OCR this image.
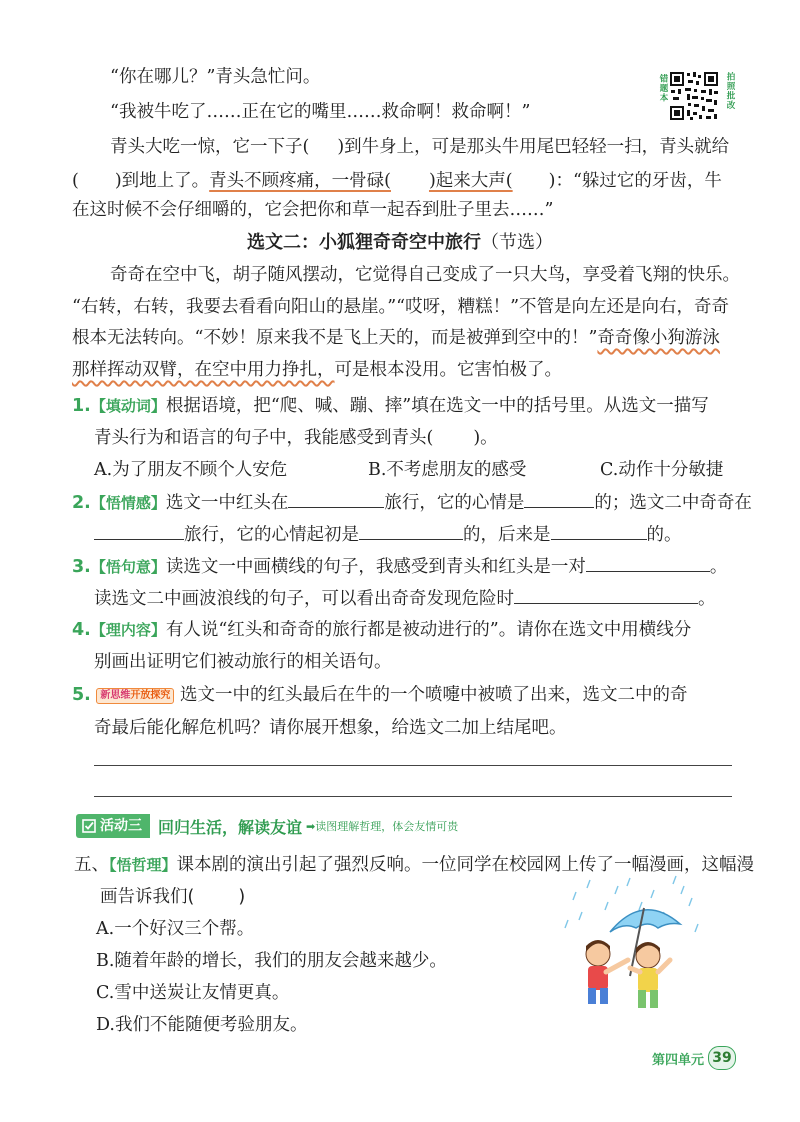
错题本	拍照批改
“你在哪儿？”青头急忙问。
“我被牛吃了……正在它的嘴里……救命啊！救命啊！”
青头大吃一惊，它一下子( )到牛身上，可是那头牛用尾巴轻轻一扫，青头就给
( )到地上了。青头不顾疼痛，一骨碌( )起来大声( )：“躲过它的牙齿，牛
在这时候不会仔细嚼的，它会把你和草一起吞到肚子里去……”
选文二：小狐狸奇奇空中旅行（节选）
奇奇在空中飞，胡子随风摆动，它觉得自己变成了一只大鸟，享受着飞翔的快乐。
“右转，右转，我要去看看向阳山的悬崖。”“哎呀，糟糕！”不管是向左还是向右，奇奇
根本无法转向。“不妙！原来我不是飞上天的，而是被弹到空中的！”奇奇像小狗游泳
那样挥动双臂，在空中用力挣扎，可是根本没用。它害怕极了。
1.【填动词】根据语境，把“爬、喊、蹦、摔”填在选文一中的括号里。从选文一描写
青头行为和语言的句子中，我能感受到青头( )。
A.为了朋友不顾个人安危	B.不考虑朋友的感受	C.动作十分敏捷
2.【悟情感】选文一中红头在	旅行，它的心情是	的；选文二中奇奇在
旅行，它的心情起初是	的，后来是	的。
3.【悟句意】读选文一中画横线的句子，我感受到青头和红头是一对	。
读选文二中画波浪线的句子，可以看出奇奇发现危险时	。
4.【理内容】有人说“红头和奇奇的旅行都是被动进行的”。请你在选文中用横线分
别画出证明它们被动旅行的相关语句。
5. 新思维开放探究 选文一中的红头最后在牛的一个喷嚏中被喷了出来，选文二中的奇
奇最后能化解危机吗？请你展开想象，给选文二加上结尾吧。
活动三 回归生活，解读友谊 ➡读图理解哲理，体会友情可贵
五、【悟哲理】课本剧的演出引起了强烈反响。一位同学在校园网上传了一幅漫画，这幅漫
画告诉我们(	)
A.一个好汉三个帮。
B.随着年龄的增长，我们的朋友会越来越少。
C.雪中送炭让友情更真。
D.我们不能随便考验朋友。
第四单元 39
